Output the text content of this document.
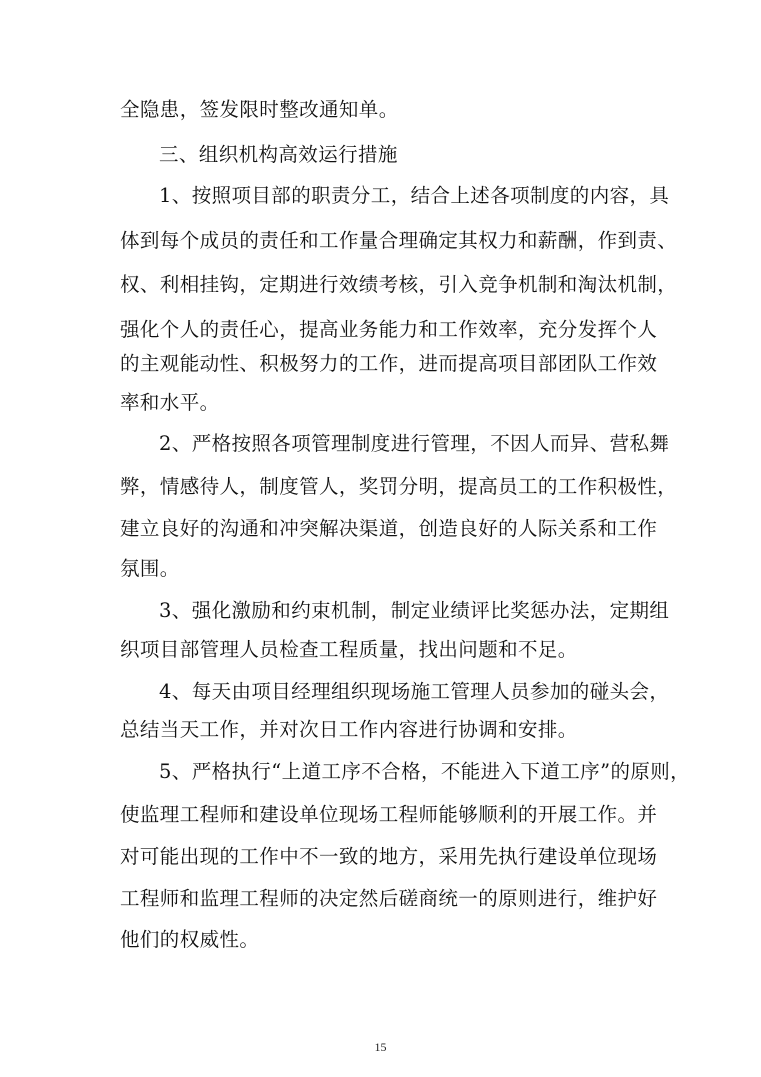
全隐患，签发限时整改通知单。
三、组织机构高效运行措施
1、按照项目部的职责分工，结合上述各项制度的内容，具
体到每个成员的责任和工作量合理确定其权力和薪酬，作到责、
权、利相挂钩，定期进行效绩考核，引入竞争机制和淘汰机制，
强化个人的责任心，提高业务能力和工作效率，充分发挥个人
的主观能动性、积极努力的工作，进而提高项目部团队工作效
率和水平。
2、严格按照各项管理制度进行管理，不因人而异、营私舞
弊，情感待人，制度管人，奖罚分明，提高员工的工作积极性，
建立良好的沟通和冲突解决渠道，创造良好的人际关系和工作
氛围。
3、强化激励和约束机制，制定业绩评比奖惩办法，定期组
织项目部管理人员检查工程质量，找出问题和不足。
4、每天由项目经理组织现场施工管理人员参加的碰头会，
总结当天工作，并对次日工作内容进行协调和安排。
5、严格执行“上道工序不合格，不能进入下道工序”的原则，
使监理工程师和建设单位现场工程师能够顺利的开展工作。并
对可能出现的工作中不一致的地方，采用先执行建设单位现场
工程师和监理工程师的决定然后磋商统一的原则进行，维护好
他们的权威性。
15
